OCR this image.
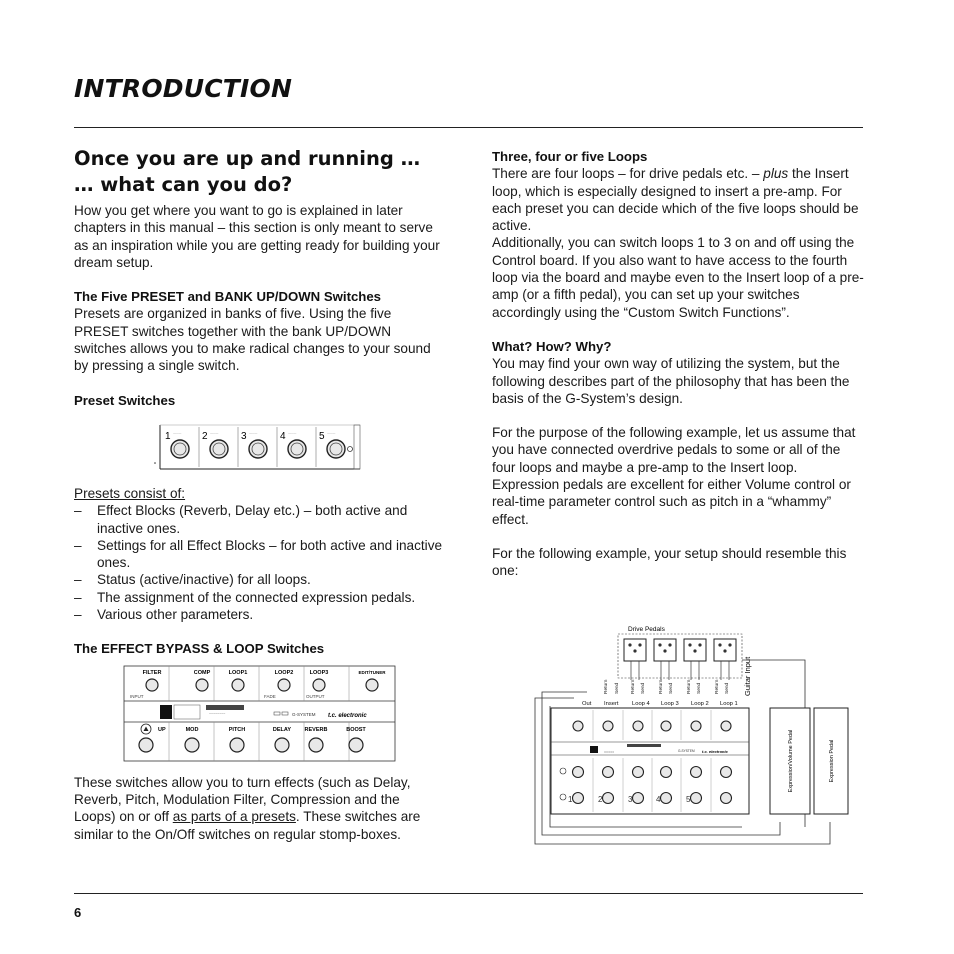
INTRODUCTION
Once you are up and running …
… what can you do?

How you get where you want to go is explained in later chapters in this manual – this section is only meant to serve as an inspiration while you are getting ready for building your dream setup.

The Five PRESET and BANK UP/DOWN Switches

Presets are organized in banks of five. Using the five PRESET switches together with the bank UP/DOWN switches allows you to make radical changes to your sound by pressing a single switch.

Preset Switches
1 ---------- 2 ---------- 3 ---------- 4 ---------- 5 ----------

Presets consist of:

– Effect Blocks (Reverb, Delay etc.) – both active and inactive ones.
– Settings for all Effect Blocks – for both active and inactive ones.
– Status (active/inactive) for all loops.
– The assignment of the connected expression pedals.
– Various other parameters.
The EFFECT BYPASS & LOOP Switches
FILTER	COMP	LOOP1	LOOP2	LOOP3	EDIT/TUNER
INPUT	FADE	OUTPUT
~~~~~~~~	G-SYSTEM t.c. electronic
UP	MOD	PITCH	DELAY REVERB	BOOST

These switches allow you to turn effects (such as Delay, Reverb, Pitch, Modulation Filter, Compression and the Loops) on or off as parts of a presets. These switches are similar to the On/Off switches on regular stomp-boxes.

Three, four or five Loops

There are four loops – for drive pedals etc. – plus the Insert loop, which is especially designed to insert a pre-amp. For each preset you can decide which of the five loops should be active.

Additionally, you can switch loops 1 to 3 on and off using the Control board. If you also want to have access to the fourth loop via the board and maybe even to the Insert loop of a pre-amp (or a fifth pedal), you can set up your switches accordingly using the “Custom Switch Functions”.

What? How? Why?

You may find your own way of utilizing the system, but the following describes part of the philosophy that has been the basis of the G-System’s design.

For the purpose of the following example, let us assume that you have connected overdrive pedals to some or all of the four loops and maybe a pre-amp to the Insert loop. Expression pedals are excellent for either Volume control or real-time parameter control such as pitch in a “whammy” effect.

For the following example, your setup should resemble this one:

Drive Pedals
Return Send Return Send	Return Send	Return Send	Return Send Guitar Input
Out Insert Loop 4 Loop 3 Loop 2 Loop 1
=====	G-SYSTEM t.c. electronic
1	2	3	4	5
Expression/Volume Pedal	Expression Pedal
6
